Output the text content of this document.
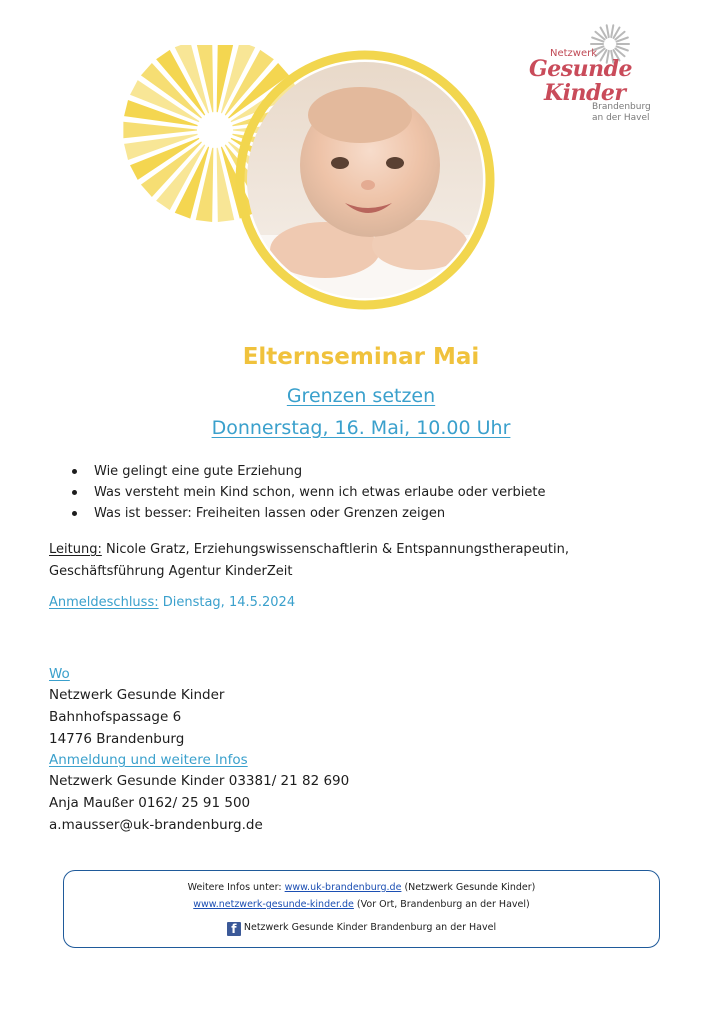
Netzwerk
Gesunde
Kinder
Brandenburg
an der Havel
Elternseminar Mai
Grenzen setzen
Donnerstag, 16. Mai, 10.00 Uhr
Wie gelingt eine gute Erziehung
Was versteht mein Kind schon, wenn ich etwas erlaube oder verbiete
Was ist besser: Freiheiten lassen oder Grenzen zeigen
Leitung: Nicole Gratz, Erziehungswissenschaftlerin & Entspannungstherapeutin,
Geschäftsführung Agentur KinderZeit
Anmeldeschluss: Dienstag, 14.5.2024
Wo
Netzwerk Gesunde Kinder
Bahnhofspassage 6
14776 Brandenburg
Anmeldung und weitere Infos
Netzwerk Gesunde Kinder 03381/ 21 82 690
Anja Maußer 0162/ 25 91 500
a.mausser@uk-brandenburg.de
Weitere Infos unter: www.uk-brandenburg.de (Netzwerk Gesunde Kinder)
www.netzwerk-gesunde-kinder.de (Vor Ort, Brandenburg an der Havel)
f Netzwerk Gesunde Kinder Brandenburg an der Havel
